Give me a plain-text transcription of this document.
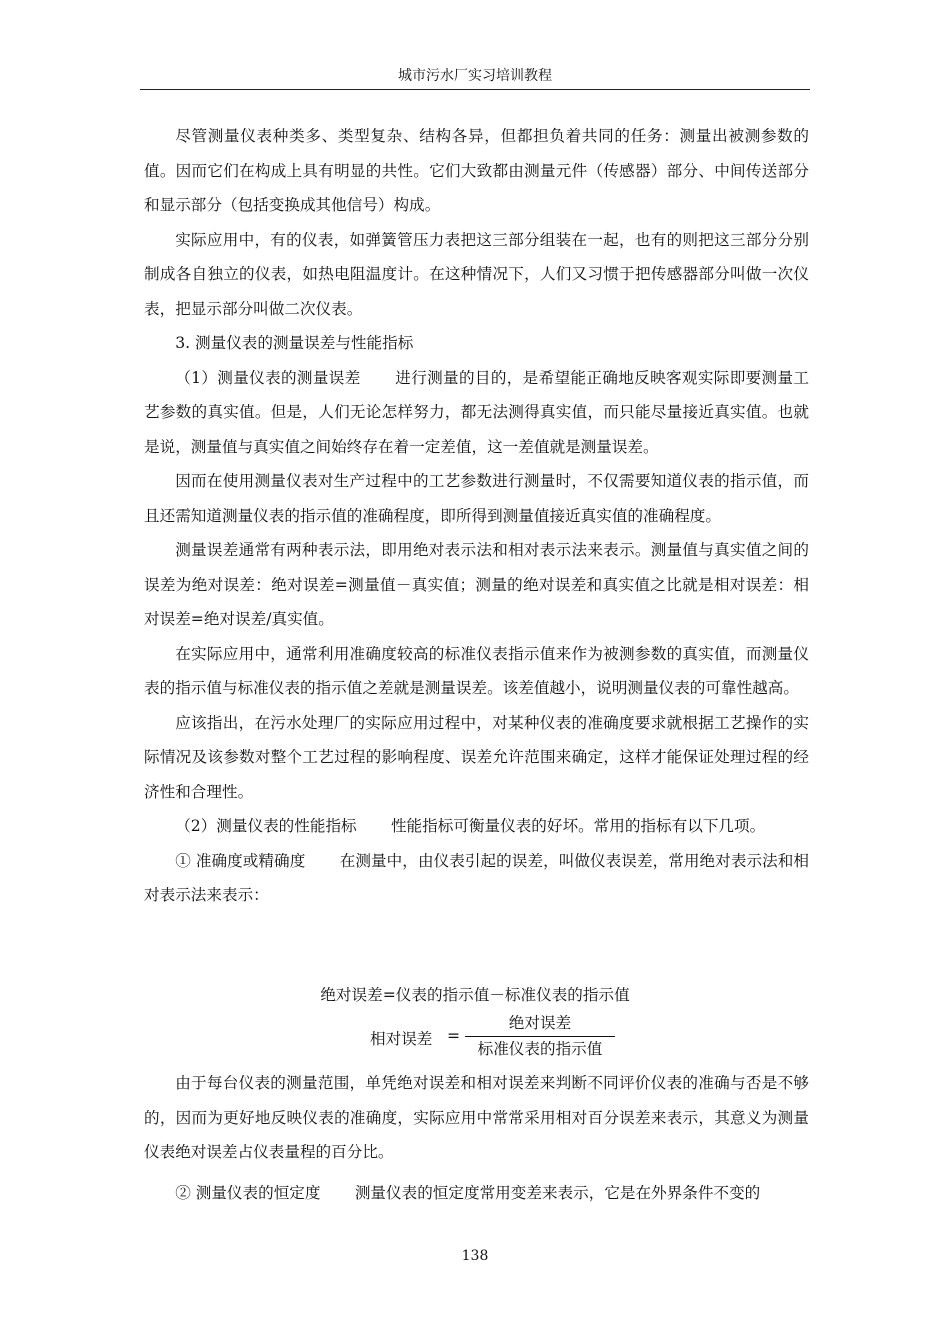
城市污水厂实习培训教程

尽管测量仪表种类多、类型复杂、结构各异，但都担负着共同的任务：测量出被测参数的值。因而它们在构成上具有明显的共性。它们大致都由测量元件（传感器）部分、中间传送部分和显示部分（包括变换成其他信号）构成。

实际应用中，有的仪表，如弹簧管压力表把这三部分组装在一起，也有的则把这三部分分别制成各自独立的仪表，如热电阻温度计。在这种情况下，人们又习惯于把传感器部分叫做一次仪表，把显示部分叫做二次仪表。

3. 测量仪表的测量误差与性能指标

（1）测量仪表的测量误差 进行测量的目的，是希望能正确地反映客观实际即要测量工艺参数的真实值。但是，人们无论怎样努力，都无法测得真实值，而只能尽量接近真实值。也就是说，测量值与真实值之间始终存在着一定差值，这一差值就是测量误差。

因而在使用测量仪表对生产过程中的工艺参数进行测量时，不仅需要知道仪表的指示值，而且还需知道测量仪表的指示值的准确程度，即所得到测量值接近真实值的准确程度。

测量误差通常有两种表示法，即用绝对表示法和相对表示法来表示。测量值与真实值之间的误差为绝对误差：绝对误差=测量值－真实值；测量的绝对误差和真实值之比就是相对误差：相对误差=绝对误差/真实值。

在实际应用中，通常利用准确度较高的标准仪表指示值来作为被测参数的真实值，而测量仪表的指示值与标准仪表的指示值之差就是测量误差。该差值越小，说明测量仪表的可靠性越高。

应该指出，在污水处理厂的实际应用过程中，对某种仪表的准确度要求就根据工艺操作的实际情况及该参数对整个工艺过程的影响程度、误差允许范围来确定，这样才能保证处理过程的经济性和合理性。

（2）测量仪表的性能指标 性能指标可衡量仪表的好坏。常用的指标有以下几项。

① 准确度或精确度 在测量中，由仪表引起的误差，叫做仪表误差，常用绝对表示法和相对表示法来表示：

绝对误差=仪表的指示值－标准仪表的指示值
相对误差 =
绝对误差
标准仪表的指示值

由于每台仪表的测量范围，单凭绝对误差和相对误差来判断不同评价仪表的准确与否是不够的，因而为更好地反映仪表的准确度，实际应用中常常采用相对百分误差来表示，其意义为测量仪表绝对误差占仪表量程的百分比。

② 测量仪表的恒定度 测量仪表的恒定度常用变差来表示，它是在外界条件不变的

138
